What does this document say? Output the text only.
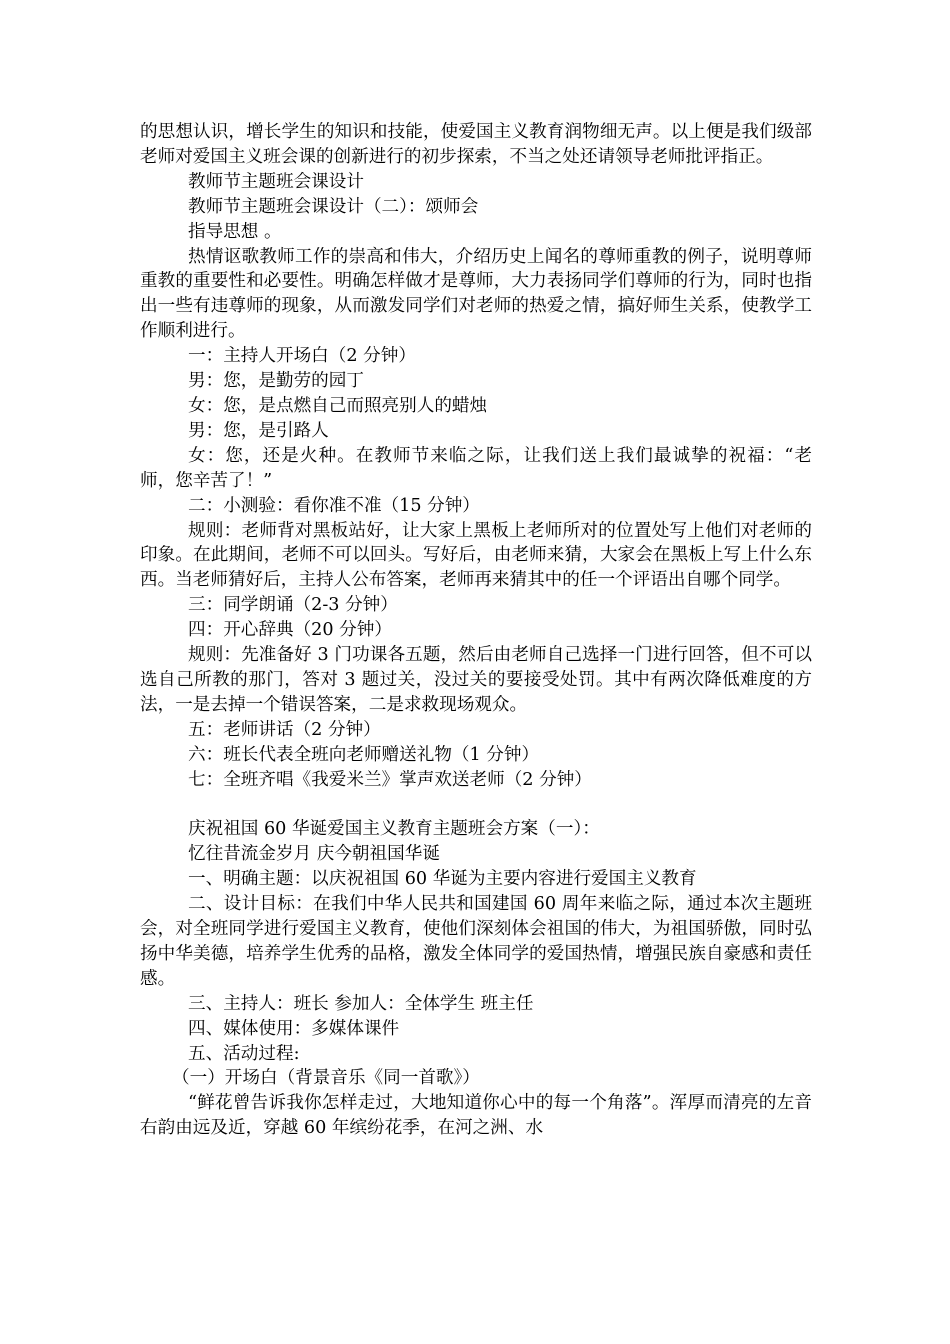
的思想认识，增长学生的知识和技能，使爱国主义教育润物细无声。以上便是我们级部老师对爱国主义班会课的创新进行的初步探索，不当之处还请领导老师批评指正。

教师节主题班会课设计

教师节主题班会课设计（二）：颂师会

指导思想 。

热情讴歌教师工作的崇高和伟大，介绍历史上闻名的尊师重教的例子，说明尊师重教的重要性和必要性。明确怎样做才是尊师，大力表扬同学们尊师的行为，同时也指出一些有违尊师的现象，从而激发同学们对老师的热爱之情，搞好师生关系，使教学工作顺利进行。

一：主持人开场白（2 分钟）

男：您，是勤劳的园丁

女：您，是点燃自己而照亮别人的蜡烛

男：您，是引路人

女：您，还是火种。在教师节来临之际，让我们送上我们最诚挚的祝福：“老师，您辛苦了！”

二：小测验：看你准不准（15 分钟）

规则：老师背对黑板站好，让大家上黑板上老师所对的位置处写上他们对老师的印象。在此期间，老师不可以回头。写好后，由老师来猜，大家会在黑板上写上什么东西。当老师猜好后，主持人公布答案，老师再来猜其中的任一个评语出自哪个同学。

三：同学朗诵（2-3 分钟）

四：开心辞典（20 分钟）

规则：先准备好 3 门功课各五题，然后由老师自己选择一门进行回答，但不可以选自己所教的那门，答对 3 题过关，没过关的要接受处罚。其中有两次降低难度的方法，一是去掉一个错误答案，二是求救现场观众。

五：老师讲话（2 分钟）

六：班长代表全班向老师赠送礼物（1 分钟）

七：全班齐唱《我爱米兰》掌声欢送老师（2 分钟）

庆祝祖国 60 华诞爱国主义教育主题班会方案（一）：

忆往昔流金岁月 庆今朝祖国华诞

一、明确主题：以庆祝祖国 60 华诞为主要内容进行爱国主义教育

二、设计目标：在我们中华人民共和国建国 60 周年来临之际，通过本次主题班会，对全班同学进行爱国主义教育，使他们深刻体会祖国的伟大，为祖国骄傲，同时弘扬中华美德，培养学生优秀的品格，激发全体同学的爱国热情，增强民族自豪感和责任感。

三、主持人：班长 参加人：全体学生 班主任

四、媒体使用：多媒体课件

五、活动过程:

（一）开场白（背景音乐《同一首歌》）

“鲜花曾告诉我你怎样走过，大地知道你心中的每一个角落”。浑厚而清亮的左音右韵由远及近，穿越 60 年缤纷花季，在河之洲、水
